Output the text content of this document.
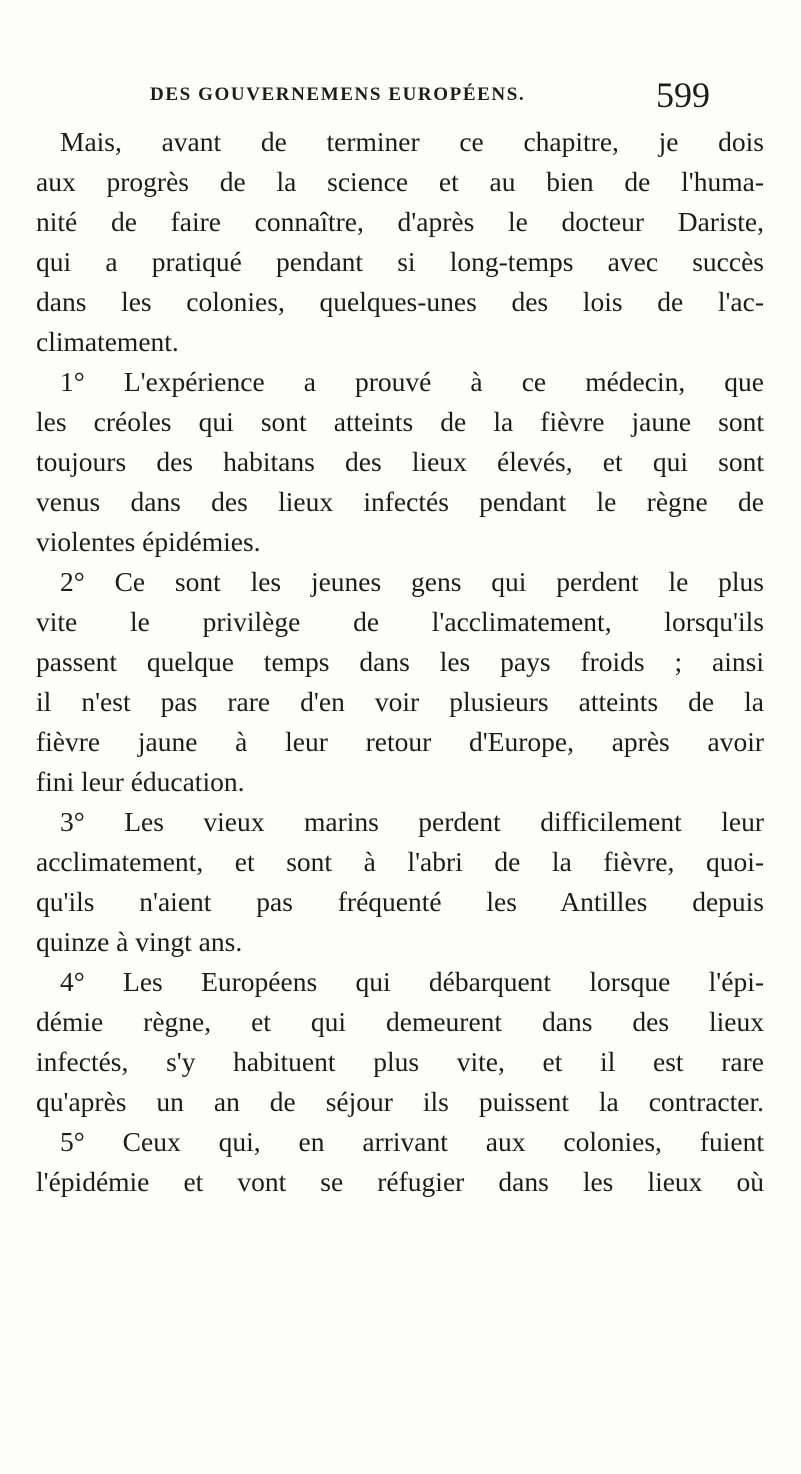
DES GOUVERNEMENS EUROPÉENS.	599
Mais, avant de terminer ce chapitre, je dois
aux progrès de la science et au bien de l'huma-
nité de faire connaître, d'après le docteur Dariste,
qui a pratiqué pendant si long-temps avec succès
dans les colonies, quelques-unes des lois de l'ac-
climatement.
1° L'expérience a prouvé à ce médecin, que
les créoles qui sont atteints de la fièvre jaune sont
toujours des habitans des lieux élevés, et qui sont
venus dans des lieux infectés pendant le règne de
violentes épidémies.
2° Ce sont les jeunes gens qui perdent le plus
vite le privilège de l'acclimatement, lorsqu'ils
passent quelque temps dans les pays froids ; ainsi
il n'est pas rare d'en voir plusieurs atteints de la
fièvre jaune à leur retour d'Europe, après avoir
fini leur éducation.
3° Les vieux marins perdent difficilement leur
acclimatement, et sont à l'abri de la fièvre, quoi-
qu'ils n'aient pas fréquenté les Antilles depuis
quinze à vingt ans.
4° Les Européens qui débarquent lorsque l'épi-
démie règne, et qui demeurent dans des lieux
infectés, s'y habituent plus vite, et il est rare
qu'après un an de séjour ils puissent la contracter.
5° Ceux qui, en arrivant aux colonies, fuient
l'épidémie et vont se réfugier dans les lieux où
